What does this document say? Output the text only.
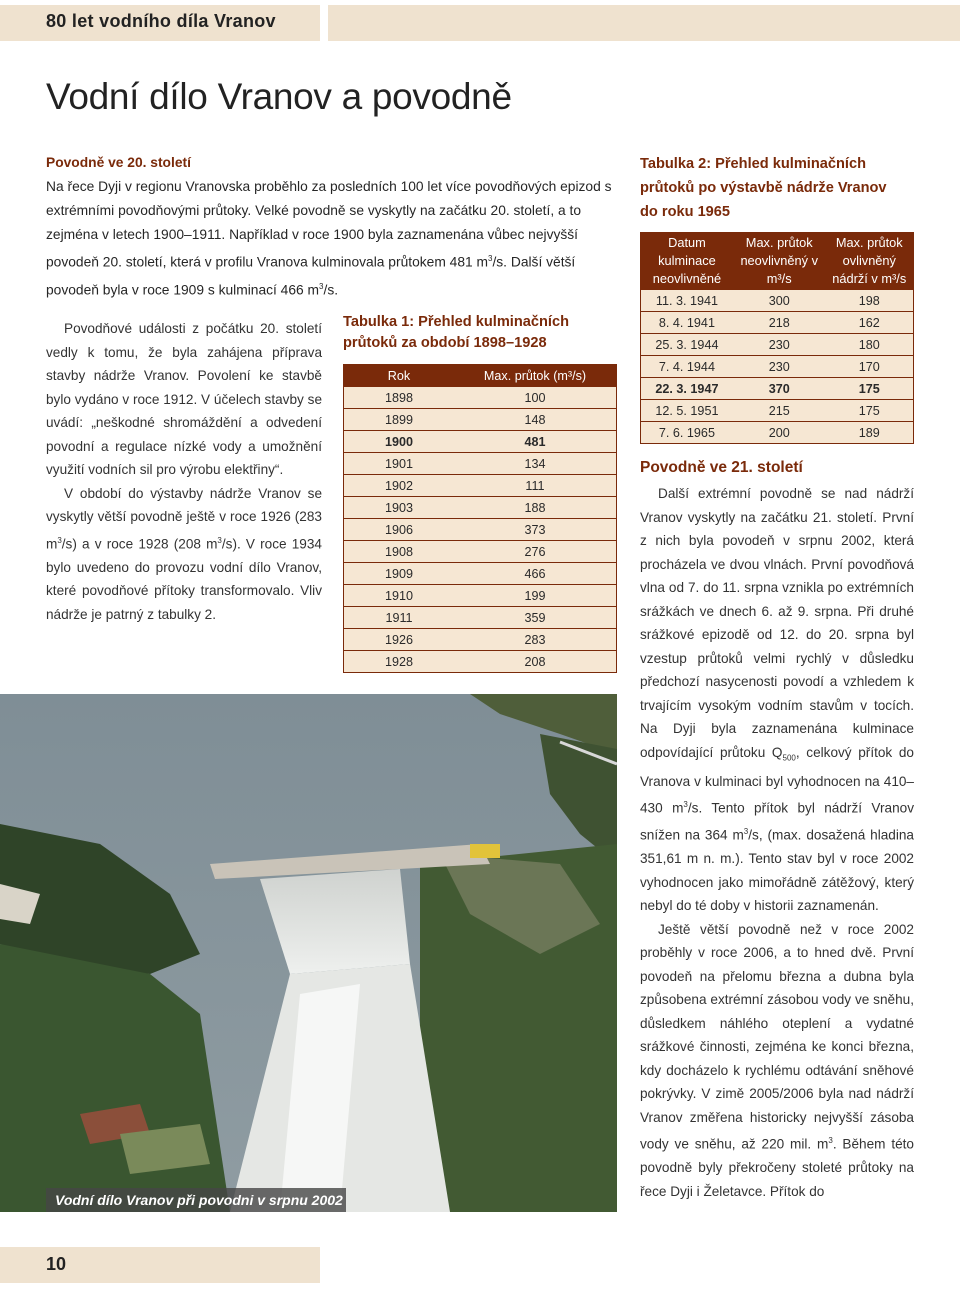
80 let vodního díla Vranov
Vodní dílo Vranov a povodně
Povodně ve 20. století
Na řece Dyji v regionu Vranovska proběhlo za posledních 100 let více povodňových epizod s extrémními povodňovými průtoky. Velké povodně se vyskytly na začátku 20. století, a to zejména v letech 1900–1911. Například v roce 1900 byla zaznamenána vůbec nejvyšší povodeň 20. století, která v profilu Vranova kulminovala průtokem 481 $m^3/s$. Další větší povodeň byla v roce 1909 s kulminací 466 $m^3/s$.

Povodňové události z počátku 20. století vedly k tomu, že byla zahájena příprava stavby nádrže Vranov. Povolení ke stavbě bylo vydáno v roce 1912. V účelech stavby se uvádí: „neškodné shromáždění a odvedení povodní a regulace nízké vody a umožnění využití vodních sil pro výrobu elektřiny“.

V období do výstavby nádrže Vranov se vyskytly větší povodně ještě v roce 1926 (283 $m^3/s$) a v roce 1928 (208 $m^3/s$). V roce 1934 bylo uvedeno do provozu vodní dílo Vranov, které povodňové přítoky transformovalo. Vliv nádrže je patrný z tabulky 2.

Tabulka 1: Přehled kulminačních
průtoků za období 1898–1928
Rok	Max. průtok (m³/s)
1898	100
1899	148
1900	481
1901	134
1902	111
1903	188
1906	373
1908	276
1909	466
1910	199
1911	359
1926	283
1928	208
Tabulka 2: Přehled kulminačních
průtoků po výstavbě nádrže Vranov
do roku 1965
Datum kulminace neovlivněné	Max. průtok neovlivněný v m³/s	Max. průtok ovlivněný nádrží v m³/s
11. 3. 1941	300	198
8. 4. 1941	218	162
25. 3. 1944	230	180
7. 4. 1944	230	170
22. 3. 1947	370	175
12. 5. 1951	215	175
7. 6. 1965	200	189
Vodní dílo Vranov při povodni v srpnu 2002
Povodně ve 21. století

Další extrémní povodně se nad nádrží Vranov vyskytly na začátku 21. století. První z nich byla povodeň v srpnu 2002, která procházela ve dvou vlnách. První povodňová vlna od 7. do 11. srpna vznikla po extrémních srážkách ve dnech 6. až 9. srpna. Při druhé srážkové epizodě od 12. do 20. srpna byl vzestup průtoků velmi rychlý v důsledku předchozí nasycenosti povodí a vzhledem k trvajícím vysokým vodním stavům v tocích. Na Dyji byla zaznamenána kulminace odpovídající průtoku $Q_{500}$, celkový přítok do Vranova v kulminaci byl vyhodnocen na 410–430 $m^3/s$. Tento přítok byl nádrží Vranov snížen na 364 $m^3/s$, (max. dosažená hladina 351,61 m n. m.). Tento stav byl v roce 2002 vyhodnocen jako mimořádně zátěžový, který nebyl do té doby v historii zaznamenán.

Ještě větší povodně než v roce 2002 proběhly v roce 2006, a to hned dvě. První povodeň na přelomu března a dubna byla způsobena extrémní zásobou vody ve sněhu, důsledkem náhlého oteplení a vydatné srážkové činnosti, zejména ke konci března, kdy docházelo k rychlému odtávání sněhové pokrývky. V zimě 2005/2006 byla nad nádrží Vranov změřena historicky nejvyšší zásoba vody ve sněhu, až 220 mil. $m^3$. Během této povodně byly překročeny stoleté průtoky na řece Dyji i Želetavce. Přítok do

10
